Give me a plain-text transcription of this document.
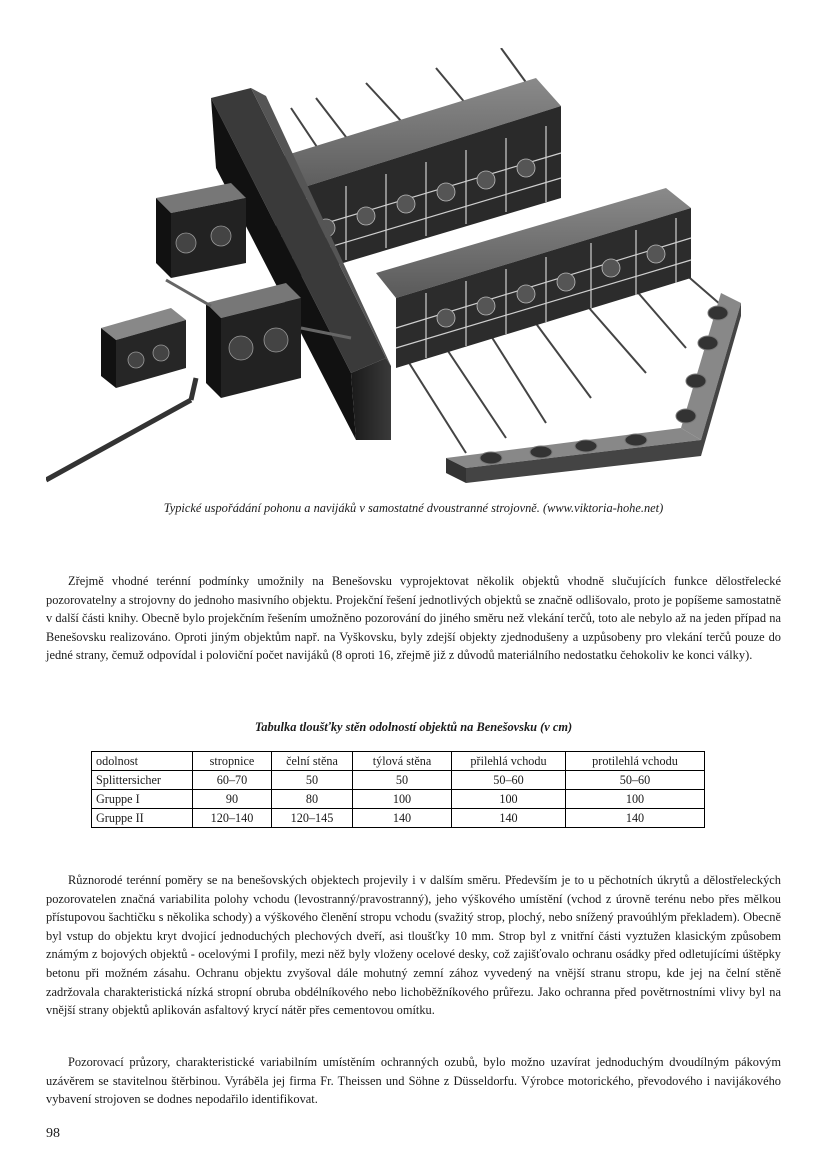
Typické uspořádání pohonu a navijáků v samostatné dvoustranné strojovně. (www.viktoria-hohe.net)

Zřejmě vhodné terénní podmínky umožnily na Benešovsku vyprojektovat několik objektů vhodně slučujících funkce dělostřelecké pozorovatelny a strojovny do jednoho masivního objektu. Projekční řešení jednotlivých objektů se značně odlišovalo, proto je popíšeme samostatně v další části knihy. Obecně bylo projekčním řešením umožněno pozorování do jiného směru než vlekání terčů, toto ale nebylo až na jeden případ na Benešovsku realizováno. Oproti jiným objektům např. na Vyškovsku, byly zdejší objekty zjednodušeny a uzpůsobeny pro vlekání terčů pouze do jedné strany, čemuž odpovídal i poloviční počet navijáků (8 oproti 16, zřejmě již z důvodů materiálního nedostatku čehokoliv ke konci války).

Tabulka tloušťky stěn odolností objektů na Benešovsku (v cm)
odolnost	stropnice	čelní stěna	týlová stěna	přilehlá vchodu	protilehlá vchodu
Splittersicher	60–70	50	50	50–60	50–60
Gruppe I	90	80	100	100	100
Gruppe II	120–140	120–145	140	140	140

Různorodé terénní poměry se na benešovských objektech projevily i v dalším směru. Především je to u pěchotních úkrytů a dělostřeleckých pozorovatelen značná variabilita polohy vchodu (levostranný/pravostranný), jeho výškového umístění (vchod z úrovně terénu nebo přes mělkou přístupovou šachtičku s několika schody) a výškového členění stropu vchodu (svažitý strop, plochý, nebo snížený pravoúhlým překladem). Obecně byl vstup do objektu kryt dvojicí jednoduchých plechových dveří, asi tloušťky 10 mm. Strop byl z vnitřní části vyztužen klasickým způsobem známým z bojových objektů - ocelovými I profily, mezi něž byly vloženy ocelové desky, což zajišťovalo ochranu osádky před odletujícími úštěpky betonu při možném zásahu. Ochranu objektu zvyšoval dále mohutný zemní zához vyvedený na vnější stranu stropu, kde jej na čelní stěně zadržovala charakteristická nízká stropní obruba obdélníkového nebo lichoběžníkového průřezu. Jako ochranna před povětrnostními vlivy byl na vnější strany objektů aplikován asfaltový krycí nátěr přes cementovou omítku.

Pozorovací průzory, charakteristické variabilním umístěním ochranných ozubů, bylo možno uzavírat jednoduchým dvoudílným pákovým uzávěrem se stavitelnou štěrbinou. Vyráběla jej firma Fr. Theissen und Söhne z Düsseldorfu. Výrobce motorického, převodového i navijákového vybavení strojoven se dodnes nepodařilo identifikovat.

98
